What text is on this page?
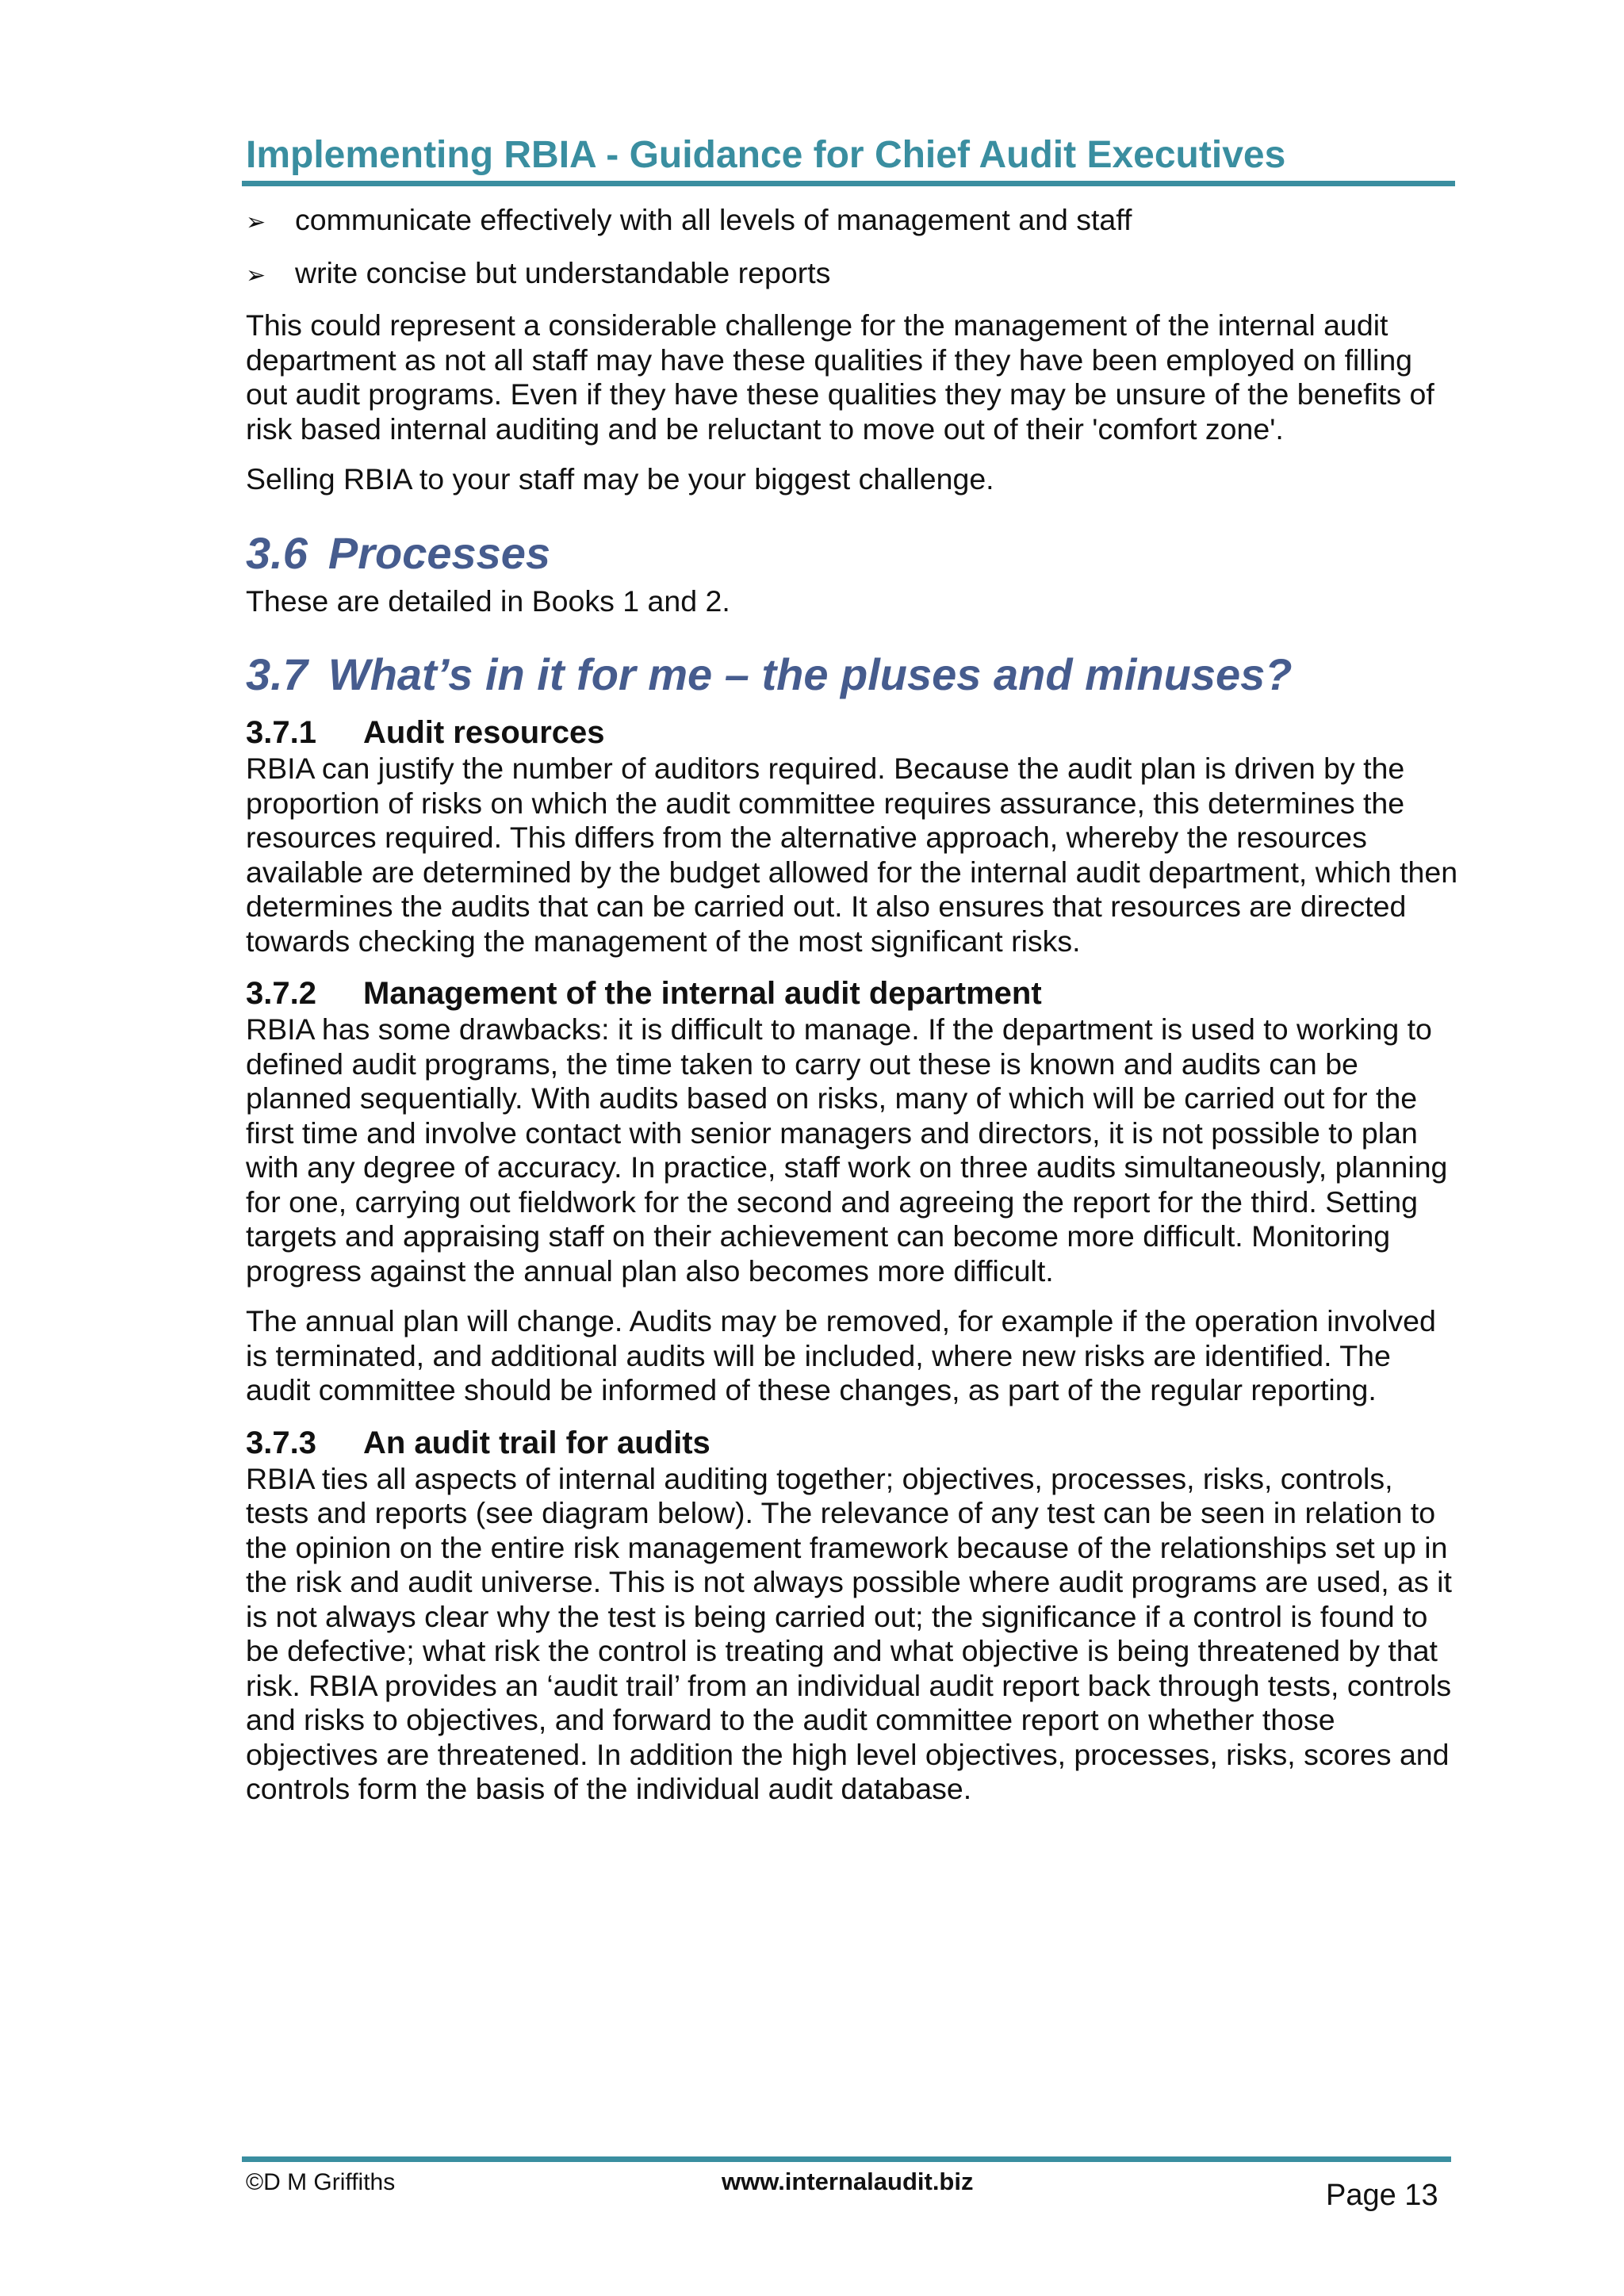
Implementing RBIA - Guidance for Chief Audit Executives
➢ communicate effectively with all levels of management and staff
➢ write concise but understandable reports

This could represent a considerable challenge for the management of the internal audit department as not all staff may have these qualities if they have been employed on filling out audit programs. Even if they have these qualities they may be unsure of the benefits of risk based internal auditing and be reluctant to move out of their 'comfort zone'.

Selling RBIA to your staff may be your biggest challenge.

3.6 Processes

These are detailed in Books 1 and 2.

3.7 What’s in it for me – the pluses and minuses?
3.7.1 Audit resources

RBIA can justify the number of auditors required. Because the audit plan is driven by the proportion of risks on which the audit committee requires assurance, this determines the resources required. This differs from the alternative approach, whereby the resources available are determined by the budget allowed for the internal audit department, which then determines the audits that can be carried out. It also ensures that resources are directed towards checking the management of the most significant risks.

3.7.2 Management of the internal audit department

RBIA has some drawbacks: it is difficult to manage. If the department is used to working to defined audit programs, the time taken to carry out these is known and audits can be planned sequentially. With audits based on risks, many of which will be carried out for the first time and involve contact with senior managers and directors, it is not possible to plan with any degree of accuracy. In practice, staff work on three audits simultaneously, planning for one, carrying out fieldwork for the second and agreeing the report for the third. Setting targets and appraising staff on their achievement can become more difficult. Monitoring progress against the annual plan also becomes more difficult.

The annual plan will change. Audits may be removed, for example if the operation involved is terminated, and additional audits will be included, where new risks are identified. The audit committee should be informed of these changes, as part of the regular reporting.

3.7.3 An audit trail for audits

RBIA ties all aspects of internal auditing together; objectives, processes, risks, controls, tests and reports (see diagram below). The relevance of any test can be seen in relation to the opinion on the entire risk management framework because of the relationships set up in the risk and audit universe. This is not always possible where audit programs are used, as it is not always clear why the test is being carried out; the significance if a control is found to be defective; what risk the control is treating and what objective is being threatened by that risk. RBIA provides an ‘audit trail’ from an individual audit report back through tests, controls and risks to objectives, and forward to the audit committee report on whether those objectives are threatened. In addition the high level objectives, processes, risks, scores and controls form the basis of the individual audit database.

©D M Griffiths	www.internalaudit.biz	Page 13
